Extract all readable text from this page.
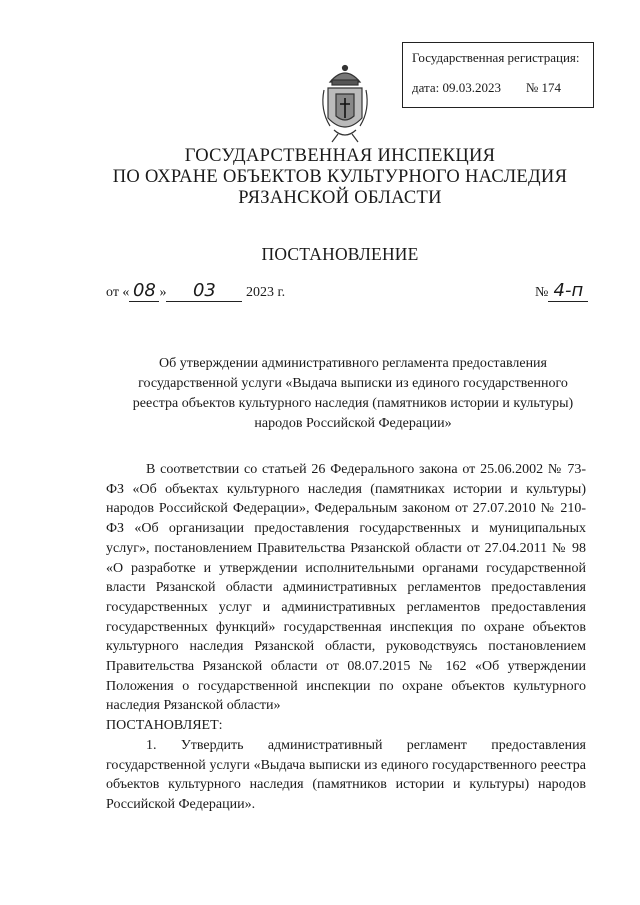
Государственная регистрация:
дата: 09.03.2023 № 174
ГОСУДАРСТВЕННАЯ ИНСПЕКЦИЯ
ПО ОХРАНЕ ОБЪЕКТОВ КУЛЬТУРНОГО НАСЛЕДИЯ
РЯЗАНСКОЙ ОБЛАСТИ
ПОСТАНОВЛЕНИЕ
от « 08 » 03 2023 г.	№ 4-п
Об утверждении административного регламента предоставления
государственной услуги «Выдача выписки из единого государственного
реестра объектов культурного наследия (памятников истории и культуры)
народов Российской Федерации»

В соответствии со статьей 26 Федерального закона от 25.06.2002 № 73-ФЗ «Об объектах культурного наследия (памятниках истории и культуры) народов Российской Федерации», Федеральным законом от 27.07.2010 № 210-ФЗ «Об организации предоставления государственных и муниципальных услуг», постановлением Правительства Рязанской области от 27.04.2011 № 98 «О разработке и утверждении исполнительными органами государственной власти Рязанской области административных регламентов предоставления государственных услуг и административных регламентов предоставления государственных функций» государственная инспекция по охране объектов культурного наследия Рязанской области, руководствуясь постановлением Правительства Рязанской области от 08.07.2015 № 162 «Об утверждении Положения о государственной инспекции по охране объектов культурного наследия Рязанской области»

ПОСТАНОВЛЯЕТ:

1. Утвердить административный регламент предоставления государственной услуги «Выдача выписки из единого государственного реестра объектов культурного наследия (памятников истории и культуры) народов Российской Федерации».
